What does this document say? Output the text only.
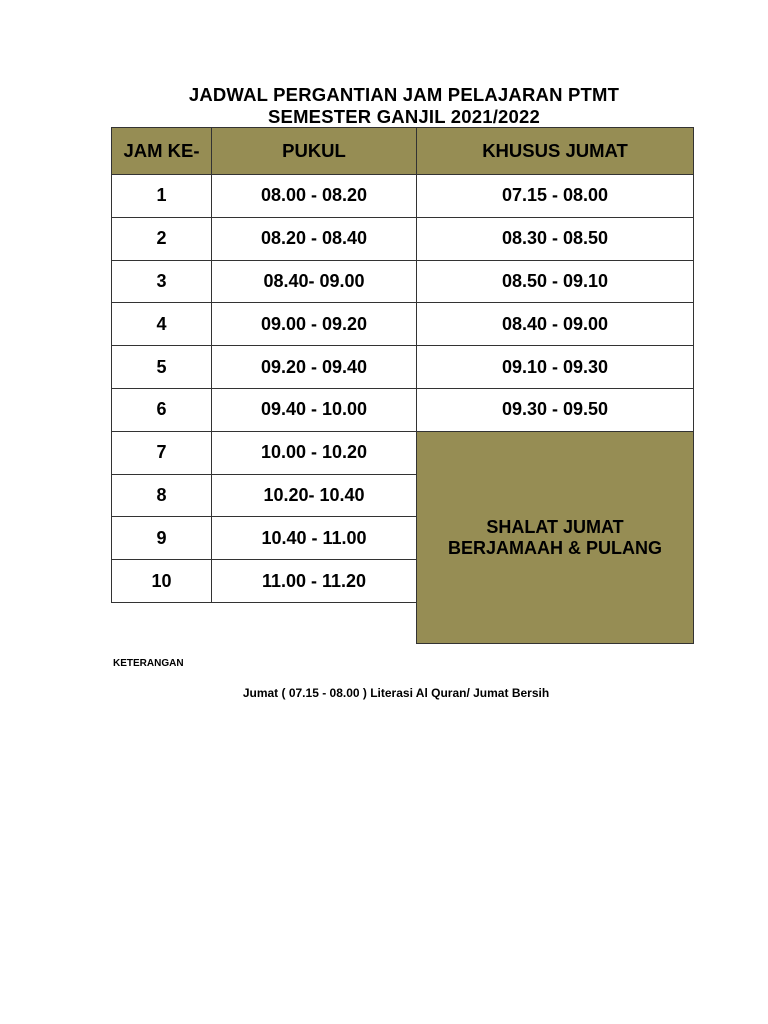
JADWAL PERGANTIAN JAM PELAJARAN PTMT

SEMESTER GANJIL 2021/2022

JAM KE-	PUKUL	KHUSUS JUMAT
1	08.00 - 08.20	07.15 - 08.00
2	08.20 - 08.40	08.30 - 08.50
3	08.40- 09.00	08.50 - 09.10
4	09.00 - 09.20	08.40 - 09.00
5	09.20 - 09.40	09.10 - 09.30
6	09.40 - 10.00	09.30 - 09.50
7	10.00 - 10.20	SHALAT JUMAT
BERJAMAAH & PULANG

8	10.20- 10.40	
9	10.40 - 11.00	
10	11.00 - 11.20	

KETERANGAN

Jumat ( 07.15 - 08.00 ) Literasi Al Quran/ Jumat Bersih
